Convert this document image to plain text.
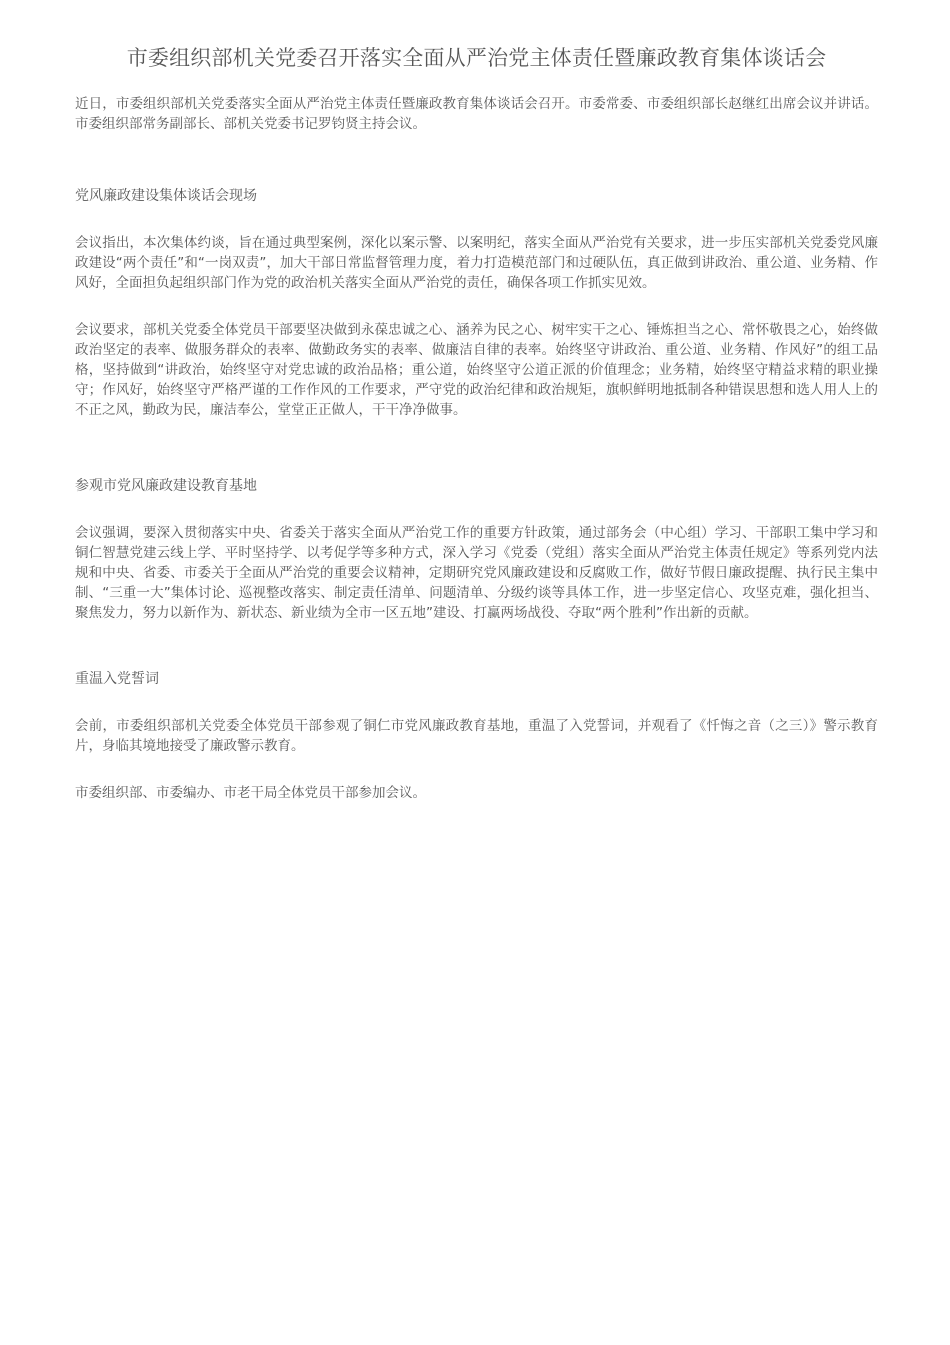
市委组织部机关党委召开落实全面从严治党主体责任暨廉政教育集体谈话会

近日，市委组织部机关党委落实全面从严治党主体责任暨廉政教育集体谈话会召开。市委常委、市委组织部长赵继红出席会议并讲话。市委组织部常务副部长、部机关党委书记罗钧贤主持会议。

党风廉政建设集体谈话会现场

会议指出，本次集体约谈，旨在通过典型案例，深化以案示警、以案明纪，落实全面从严治党有关要求，进一步压实部机关党委党风廉政建设“两个责任”和“一岗双责”，加大干部日常监督管理力度，着力打造模范部门和过硬队伍，真正做到讲政治、重公道、业务精、作风好，全面担负起组织部门作为党的政治机关落实全面从严治党的责任，确保各项工作抓实见效。

会议要求，部机关党委全体党员干部要坚决做到永葆忠诚之心、涵养为民之心、树牢实干之心、锤炼担当之心、常怀敬畏之心，始终做政治坚定的表率、做服务群众的表率、做勤政务实的表率、做廉洁自律的表率。始终坚守讲政治、重公道、业务精、作风好”的组工品格，坚持做到“讲政治，始终坚守对党忠诚的政治品格；重公道，始终坚守公道正派的价值理念；业务精，始终坚守精益求精的职业操守；作风好，始终坚守严格严谨的工作作风的工作要求，严守党的政治纪律和政治规矩，旗帜鲜明地抵制各种错误思想和选人用人上的不正之风，勤政为民，廉洁奉公，堂堂正正做人，干干净净做事。

参观市党风廉政建设教育基地

会议强调，要深入贯彻落实中央、省委关于落实全面从严治党工作的重要方针政策，通过部务会（中心组）学习、干部职工集中学习和铜仁智慧党建云线上学、平时坚持学、以考促学等多种方式，深入学习《党委（党组）落实全面从严治党主体责任规定》等系列党内法规和中央、省委、市委关于全面从严治党的重要会议精神，定期研究党风廉政建设和反腐败工作，做好节假日廉政提醒、执行民主集中制、“三重一大”集体讨论、巡视整改落实、制定责任清单、问题清单、分级约谈等具体工作，进一步坚定信心、攻坚克难，强化担当、聚焦发力，努力以新作为、新状态、新业绩为全市一区五地”建设、打赢两场战役、夺取“两个胜利”作出新的贡献。

重温入党誓词

会前，市委组织部机关党委全体党员干部参观了铜仁市党风廉政教育基地，重温了入党誓词，并观看了《忏悔之音（之三）》警示教育片，身临其境地接受了廉政警示教育。

市委组织部、市委编办、市老干局全体党员干部参加会议。
